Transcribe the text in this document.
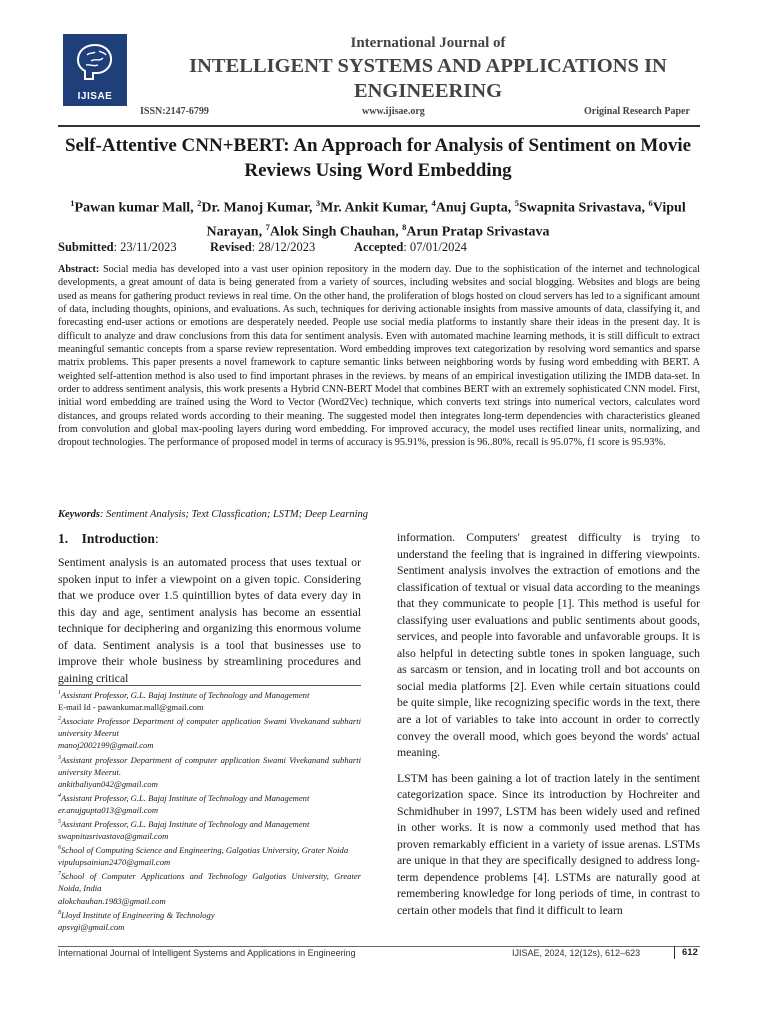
IJISAE
International Journal of
INTELLIGENT SYSTEMS AND APPLICATIONS IN ENGINEERING
ISSN:2147-6799	www.ijisae.org	Original Research Paper
Self-Attentive CNN+BERT: An Approach for Analysis of Sentiment on Movie Reviews Using Word Embedding
$^1$Pawan kumar Mall, $^2$Dr. Manoj Kumar, $^3$Mr. Ankit Kumar, $^4$Anuj Gupta, $^5$Swapnita Srivastava, $^6$Vipul Narayan, $^7$Alok Singh Chauhan, $^8$Arun Pratap Srivastava
Submitted: 23/11/2023	Revised: 28/12/2023	Accepted: 07/01/2024
Abstract: Social media has developed into a vast user opinion repository in the modern day. Due to the sophistication of the internet and technological developments, a great amount of data is being generated from a variety of sources, including websites and social blogging. Websites and blogs are being used as means for gathering product reviews in real time. On the other hand, the proliferation of blogs hosted on cloud servers has led to a significant amount of data, including thoughts, opinions, and evaluations. As such, techniques for deriving actionable insights from massive amounts of data, classifying it, and forecasting end-user actions or emotions are desperately needed. People use social media platforms to instantly share their ideas in the present day. It is difficult to analyze and draw conclusions from this data for sentiment analysis. Even with automated machine learning methods, it is still difficult to extract meaningful semantic concepts from a sparse review representation. Word embedding improves text categorization by resolving word semantics and sparse matrix problems. This paper presents a novel framework to capture semantic links between neighboring words by fusing word embedding with BERT. A weighted self-attention method is also used to find important phrases in the reviews. by means of an empirical investigation utilizing the IMDB data-set. In order to address sentiment analysis, this work presents a Hybrid CNN-BERT Model that combines BERT with an extremely sophisticated CNN model. First, initial word embedding are trained using the Word to Vector (Word2Vec) technique, which converts text strings into numerical vectors, calculates word distances, and groups related words according to their meaning. The suggested model then integrates long-term dependencies with characteristics gleaned from convolution and global max-pooling layers during word embedding. For improved accuracy, the model uses rectified linear units, normalizing, and dropout technologies. The performance of proposed model in terms of accuracy is 95.91%, pression is 96..80%, recall is 95.07%, f1 score is 95.93%.
Keywords: Sentiment Analysis; Text Classfication; LSTM; Deep Learning
1. Introduction:
Sentiment analysis is an automated process that uses textual or spoken input to infer a viewpoint on a given topic. Considering that we produce over 1.5 quintillion bytes of data every day in this day and age, sentiment analysis has become an essential technique for deciphering and organizing this enormous volume of data. Sentiment analysis is a tool that businesses use to improve their whole business by streamlining procedures and gaining critical
$^1$Assistant Professor, G.L. Bajaj Institute of Technology and Management
E-mail Id - pawankumar.mall@gmail.com
$^2$Associate Professor Department of computer application Swami Vivekanand subharti university Meerut
manoj2002199@gmail.com
$^3$Assistant professor Department of computer application Swami Vivekanand subharti university Meerut.
ankitbaliyan042@gmail.com
$^4$Assistant Professor, G.L. Bajaj Institute of Technology and Management
er.anujgupta013@gmail.com
$^5$Assistant Professor, G.L. Bajaj Institute of Technology and Management
swapnitasrivastava@gmail.com
$^6$School of Computing Science and Engineering, Galgotias University, Grater Noida
vipulupsainian2470@gmail.com
$^7$School of Computer Applications and Technology Galgotias University, Greater Noida, India
alokchauhan.1983@gmail.com
$^8$Lloyd Institute of Engineering & Technology
apsvgi@gmail.com

information. Computers' greatest difficulty is trying to understand the feeling that is ingrained in differing viewpoints. Sentiment analysis involves the extraction of emotions and the classification of textual or visual data according to the meanings that they communicate to people [1]. This method is useful for classifying user evaluations and public sentiments about goods, services, and people into favorable and unfavorable groups. It is also helpful in detecting subtle tones in spoken language, such as sarcasm or tension, and in locating troll and bot accounts on social media platforms [2]. Even while certain situations could be quite simple, like recognizing specific words in the text, there are a lot of variables to take into account in order to correctly convey the overall mood, which goes beyond the words' actual meaning.

LSTM has been gaining a lot of traction lately in the sentiment categorization space. Since its introduction by Hochreiter and Schmidhuber in 1997, LSTM has been widely used and refined in other works. It is now a commonly used method that has proven remarkably efficient in a variety of issue arenas. LSTMs are unique in that they are specifically designed to address long-term dependence problems [4]. LSTMs are naturally good at remembering knowledge for long periods of time, in contrast to certain other models that find it difficult to learn

International Journal of Intelligent Systems and Applications in Engineering	IJISAE, 2024, 12(12s), 612–623	612
